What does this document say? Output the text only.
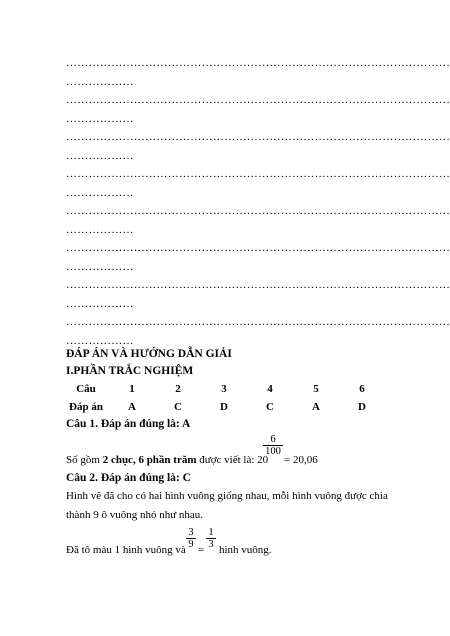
…………………………………………………………………………………………
………………
…………………………………………………………………………………………
………………
…………………………………………………………………………………………
………………
…………………………………………………………………………………………
………………
…………………………………………………………………………………………
………………
…………………………………………………………………………………………
………………
…………………………………………………………………………………………
………………
…………………………………………………………………………………………
………………
ĐÁP ÁN VÀ HƯỚNG DẪN GIẢI
I.PHẦN TRẮC NGHIỆM
Câu	1	2	3	4	5	6
Đáp án	A	C	D	C	A	D
Câu 1. Đáp án đúng là: A
Số gồm 2 chục, 6 phần trăm được viết là: 20
6
100
= 20,06
Câu 2. Đáp án đúng là: C
Hình vẽ đã cho có hai hình vuông giống nhau, mỗi hình vuông được chia
thành 9 ô vuông nhỏ như nhau.
Đã tô màu 1 hình vuông và
3
9 =
1
3 hình vuông.
